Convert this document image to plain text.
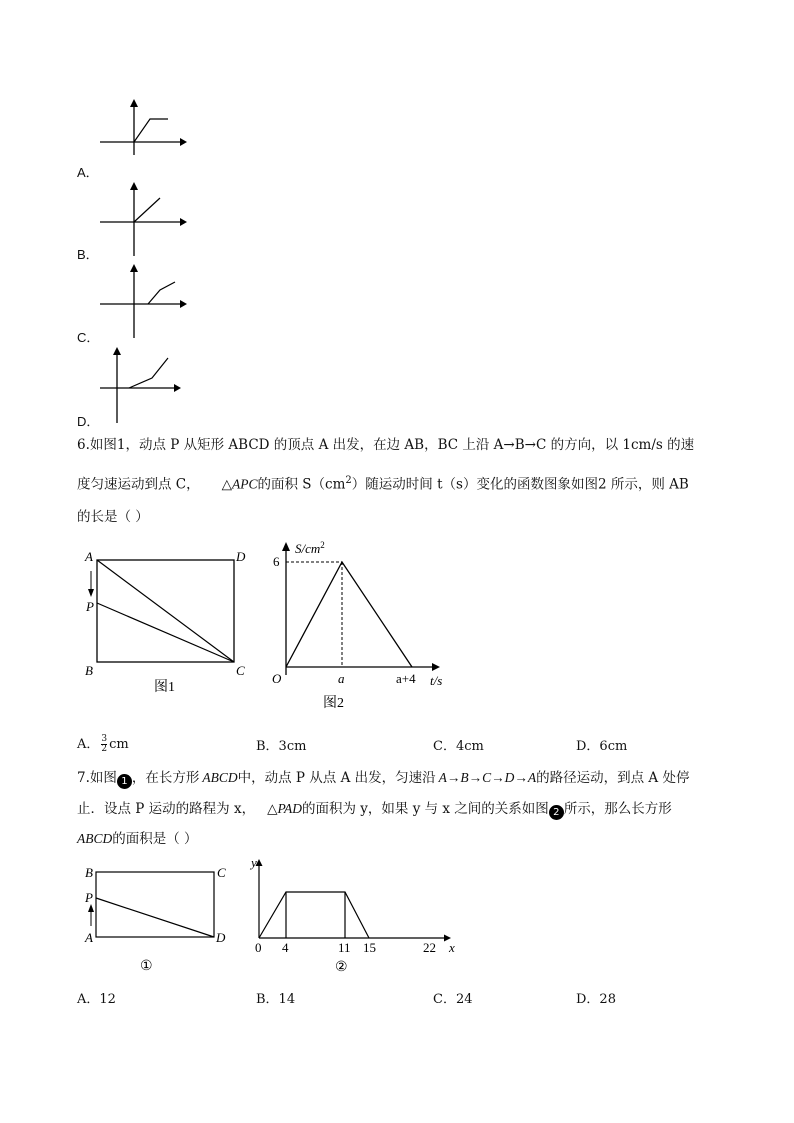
A．
B．
C．
D．
6.如图1，动点 P 从矩形 ABCD 的顶点 A 出发，在边 AB，BC 上沿 A→B→C 的方向，以 1cm/s 的速
度匀速运动到点 C， △APC的面积 $S(cm^2)$随运动时间 t（s）变化的函数图象如图2 所示，则 AB
的长是（ ）
A	D
P
B	C
图1
$S/cm^2$
6
O	a	a+4 t/s
图2
A． $\frac{3}{2}$ cm	B．3cm	C．4cm	D．6cm
7.如图 1 ，在长方形 ABCD中，动点 P 从点 A 出发，匀速沿 A→B→C→D→A的路径运动，到点 A 处停
止．设点 P 运动的路程为 x， △PAD的面积为 y，如果 y 与 x 之间的关系如图 2 所示，那么长方形
ABCD的面积是（ ）
B	C
P
A	D
①
y
0 4	11 15	22 x
②
A．12	B．14	C．24	D．28
